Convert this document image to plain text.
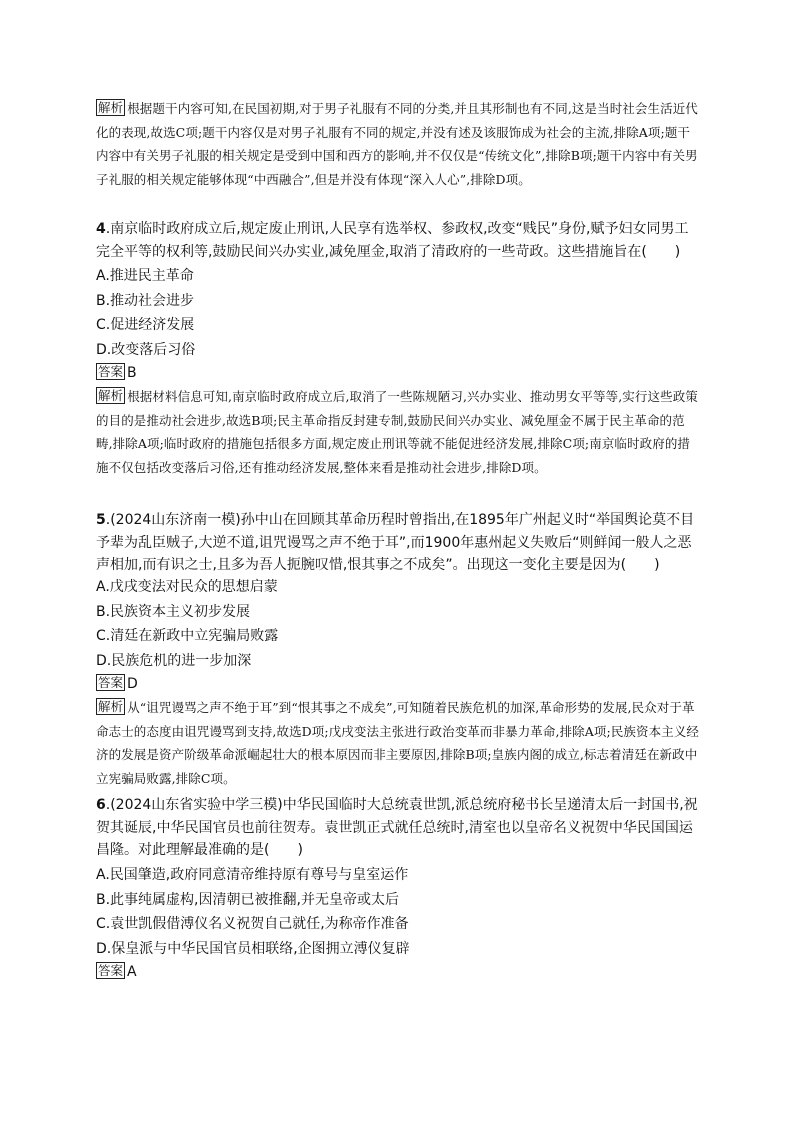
解析 根据题干内容可知,在民国初期,对于男子礼服有不同的分类,并且其形制也有不同,这是当时社会生活近代化的表现,故选C项;题干内容仅是对男子礼服有不同的规定,并没有述及该服饰成为社会的主流,排除A项;题干内容中有关男子礼服的相关规定是受到中国和西方的影响,并不仅仅是“传统文化”,排除B项;题干内容中有关男子礼服的相关规定能够体现“中西融合”,但是并没有体现“深入人心”,排除D项。
4.南京临时政府成立后,规定废止刑讯,人民享有选举权、参政权,改变“贱民”身份,赋予妇女同男工完全平等的权利等,鼓励民间兴办实业,减免厘金,取消了清政府的一些苛政。这些措施旨在(　　)
A.推进民主革命
B.推动社会进步
C.促进经济发展
D.改变落后习俗
答案 B
解析 根据材料信息可知,南京临时政府成立后,取消了一些陈规陋习,兴办实业、推动男女平等等,实行这些政策的目的是推动社会进步,故选B项;民主革命指反封建专制,鼓励民间兴办实业、减免厘金不属于民主革命的范畴,排除A项;临时政府的措施包括很多方面,规定废止刑讯等就不能促进经济发展,排除C项;南京临时政府的措施不仅包括改变落后习俗,还有推动经济发展,整体来看是推动社会进步,排除D项。
5.(2024山东济南一模)孙中山在回顾其革命历程时曾指出,在1895年广州起义时“举国舆论莫不目予辈为乱臣贼子,大逆不道,诅咒谩骂之声不绝于耳”,而1900年惠州起义失败后“则鲜闻一般人之恶声相加,而有识之士,且多为吾人扼腕叹惜,恨其事之不成矣”。出现这一变化主要是因为(　　)
A.戊戌变法对民众的思想启蒙
B.民族资本主义初步发展
C.清廷在新政中立宪骗局败露
D.民族危机的进一步加深
答案 D
解析 从“诅咒谩骂之声不绝于耳”到“恨其事之不成矣”,可知随着民族危机的加深,革命形势的发展,民众对于革命志士的态度由诅咒谩骂到支持,故选D项;戊戌变法主张进行政治变革而非暴力革命,排除A项;民族资本主义经济的发展是资产阶级革命派崛起壮大的根本原因而非主要原因,排除B项;皇族内阁的成立,标志着清廷在新政中立宪骗局败露,排除C项。
6.(2024山东省实验中学三模)中华民国临时大总统袁世凯,派总统府秘书长呈递清太后一封国书,祝贺其诞辰,中华民国官员也前往贺寿。袁世凯正式就任总统时,清室也以皇帝名义祝贺中华民国国运昌隆。对此理解最准确的是(　　)
A.民国肇造,政府同意清帝维持原有尊号与皇室运作
B.此事纯属虚构,因清朝已被推翻,并无皇帝或太后
C.袁世凯假借溥仪名义祝贺自己就任,为称帝作准备
D.保皇派与中华民国官员相联络,企图拥立溥仪复辟
答案 A
